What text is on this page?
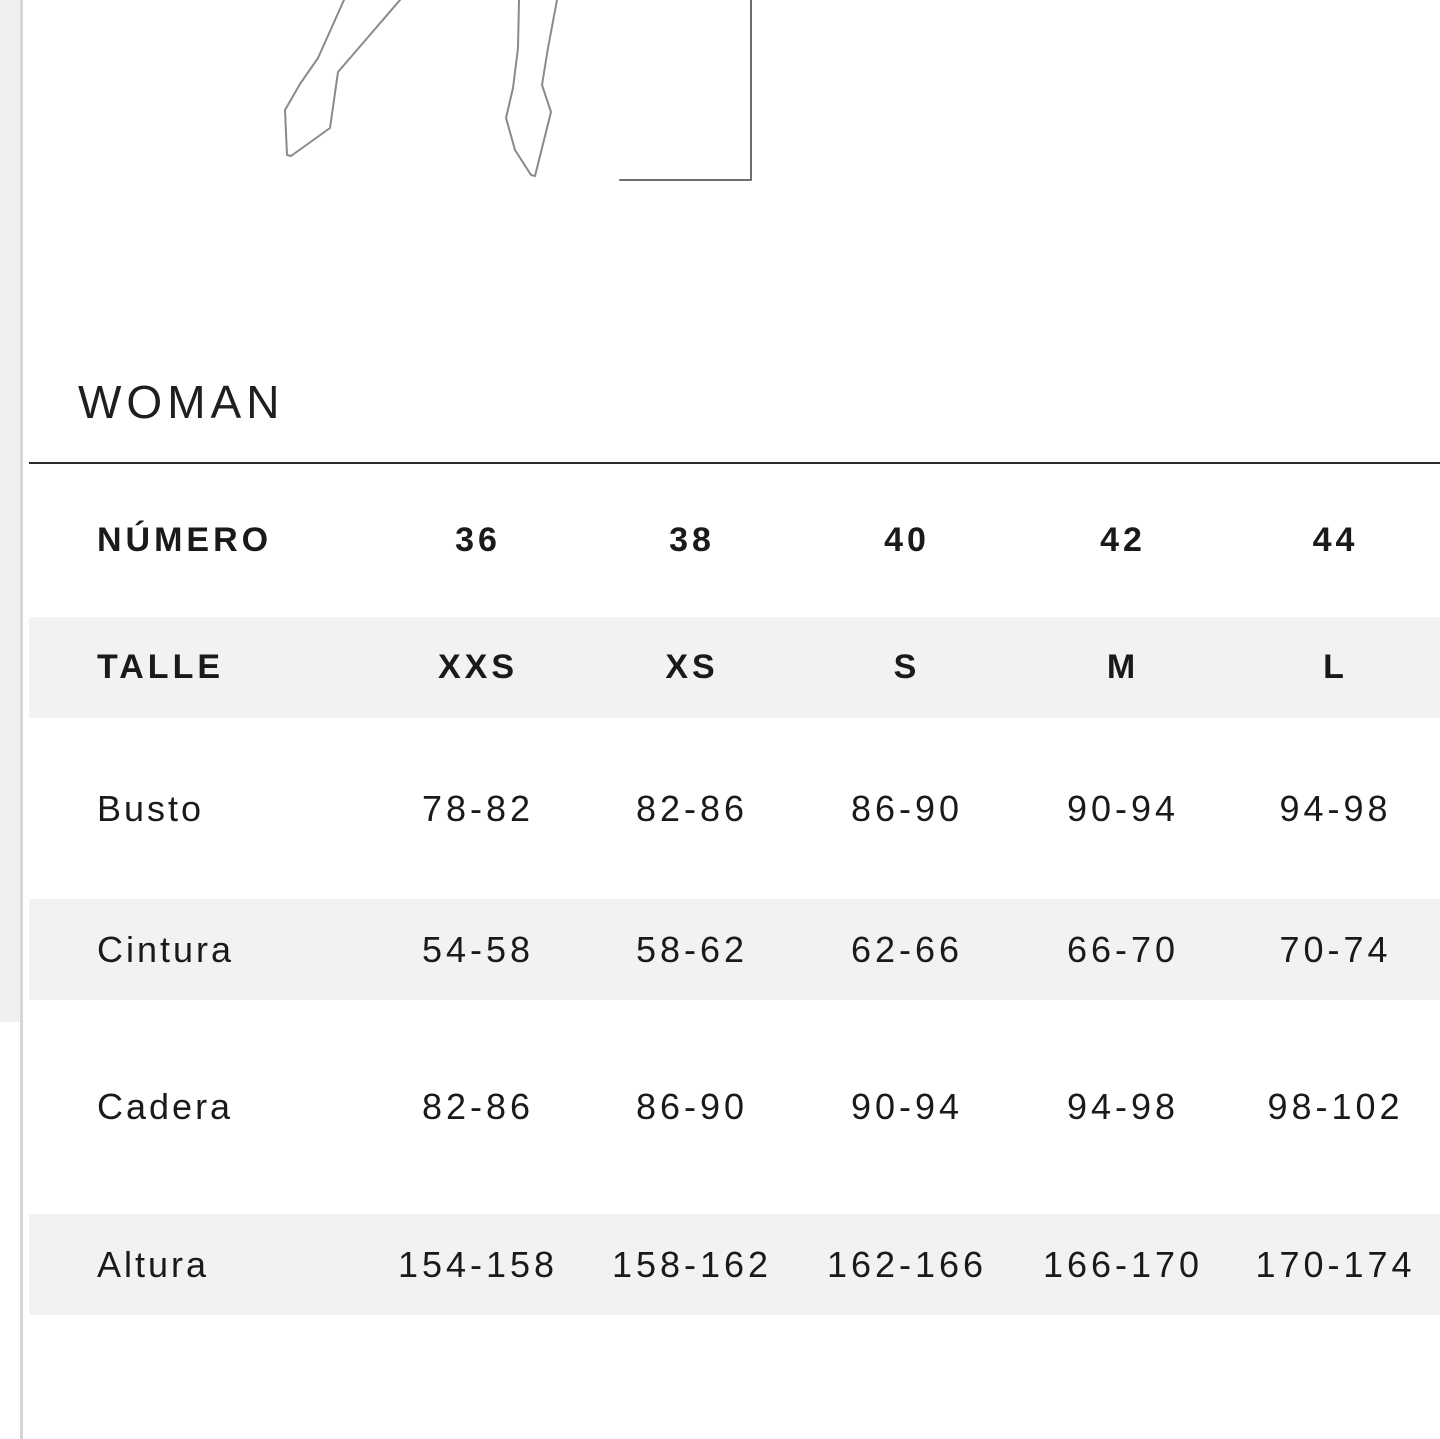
WOMAN
NÚMERO	36	38	40	42	44
TALLE	XXS	XS	S	M	L
Busto	78-82	82-86	86-90	90-94	94-98
Cintura	54-58	58-62	62-66	66-70	70-74
Cadera	82-86	86-90	90-94	94-98	98-102
Altura	154-158	158-162	162-166	166-170	170-174
